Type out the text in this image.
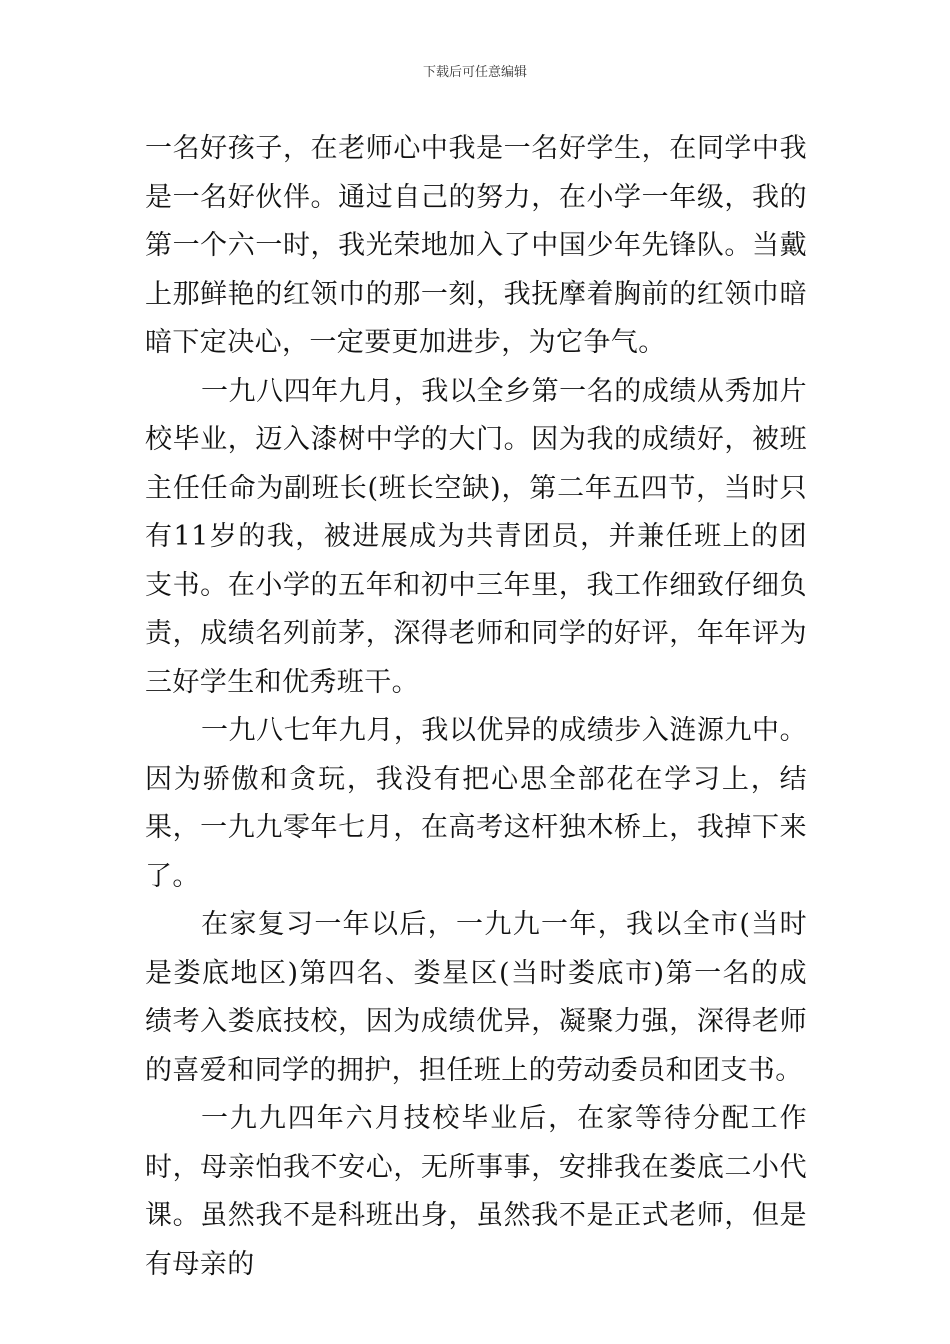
下载后可任意编辑

一名好孩子，在老师心中我是一名好学生，在同学中我是一名好伙伴。通过自己的努力，在小学一年级，我的第一个六一时，我光荣地加入了中国少年先锋队。当戴上那鲜艳的红领巾的那一刻，我抚摩着胸前的红领巾暗暗下定决心，一定要更加进步，为它争气。

一九八四年九月，我以全乡第一名的成绩从秀加片校毕业，迈入漆树中学的大门。因为我的成绩好，被班主任任命为副班长(班长空缺)，第二年五四节，当时只有11岁的我，被进展成为共青团员，并兼任班上的团支书。在小学的五年和初中三年里，我工作细致仔细负责，成绩名列前茅，深得老师和同学的好评，年年评为三好学生和优秀班干。

一九八七年九月，我以优异的成绩步入涟源九中。因为骄傲和贪玩，我没有把心思全部花在学习上，结果，一九九零年七月，在高考这杆独木桥上，我掉下来了。

在家复习一年以后，一九九一年，我以全市(当时是娄底地区)第四名、娄星区(当时娄底市)第一名的成绩考入娄底技校，因为成绩优异，凝聚力强，深得老师的喜爱和同学的拥护，担任班上的劳动委员和团支书。

一九九四年六月技校毕业后，在家等待分配工作时，母亲怕我不安心，无所事事，安排我在娄底二小代课。虽然我不是科班出身，虽然我不是正式老师，但是有母亲的
